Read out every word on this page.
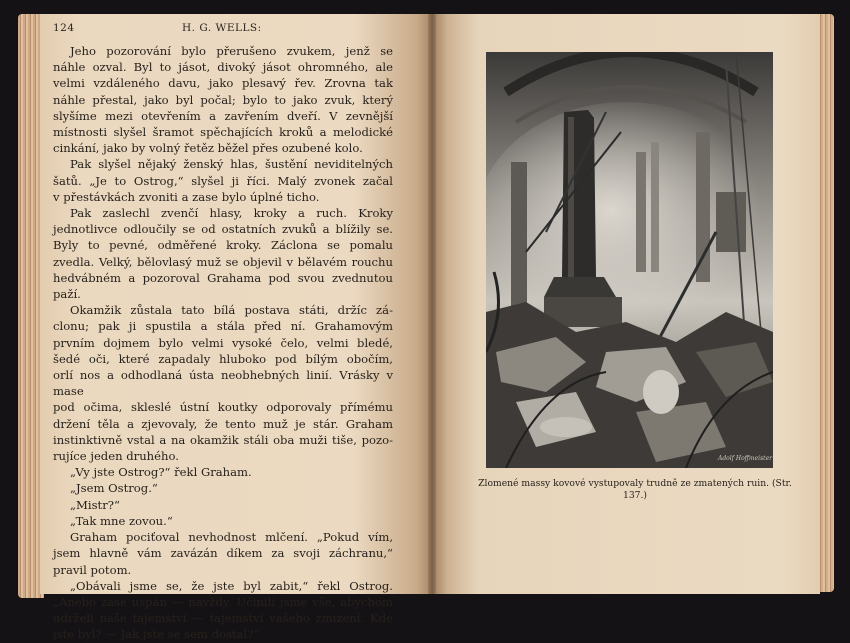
124	H. G. WELLS:

Jeho pozorování bylo přerušeno zvukem, jenž se
náhle ozval. Byl to jásot, divoký jásot ohromného, ale
velmi vzdáleného davu, jako plesavý řev. Zrovna tak
náhle přestal, jako byl počal; bylo to jako zvuk, který
slyšíme mezi otevřením a zavřením dveří. V zevnější
místnosti slyšel šramot spěchajících kroků a melodické
cinkání, jako by volný řetěz běžel přes ozubené kolo.

Pak slyšel nějaký ženský hlas, šustění neviditelných
šatů. „Je to Ostrog,“ slyšel ji říci. Malý zvonek začal
v přestávkách zvoniti a zase bylo úplné ticho.

Pak zaslechl zvenčí hlasy, kroky a ruch. Kroky
jednotlivce odloučily se od ostatních zvuků a blížily se.
Byly to pevné, odměřené kroky. Záclona se pomalu
zvedla. Velký, bělovlasý muž se objevil v bělavém rouchu
hedvábném a pozoroval Grahama pod svou zvednutou
paží.

Okamžik zůstala tato bílá postava státi, držíc zá-
clonu; pak ji spustila a stála před ní. Grahamovým
prvním dojmem bylo velmi vysoké čelo, velmi bledé,
šedé oči, které zapadaly hluboko pod bílým obočím,
orlí nos a odhodlaná ústa neobhebných linií. Vrásky v mase
pod očima, skleslé ústní koutky odporovaly přímému
držení těla a zjevovaly, že tento muž je stár. Graham
instinktivně vstal a na okamžik stáli oba muži tiše, pozo-
rujíce jeden druhého.

„Vy jste Ostrog?“ řekl Graham.

„Jsem Ostrog.“

„Mistr?“

„Tak mne zovou.“

Graham pociťoval nevhodnost mlčení. „Pokud vím,
jsem hlavně vám zavázán díkem za svoji záchranu,“
pravil potom.

„Obávali jsme se, že jste byl zabit,“ řekl Ostrog.
„Anebo zase uspán — navždy. Učinili jsme vše, abychom
udrželi naše tajemství — tajemství vašeho zmizení. Kde
jste byl? — Jak jste se sem dostal?“

Adolf Hoffmeister
Zlomené massy kovové vystupovaly trudně ze zmatených ruin. (Str. 137.)
